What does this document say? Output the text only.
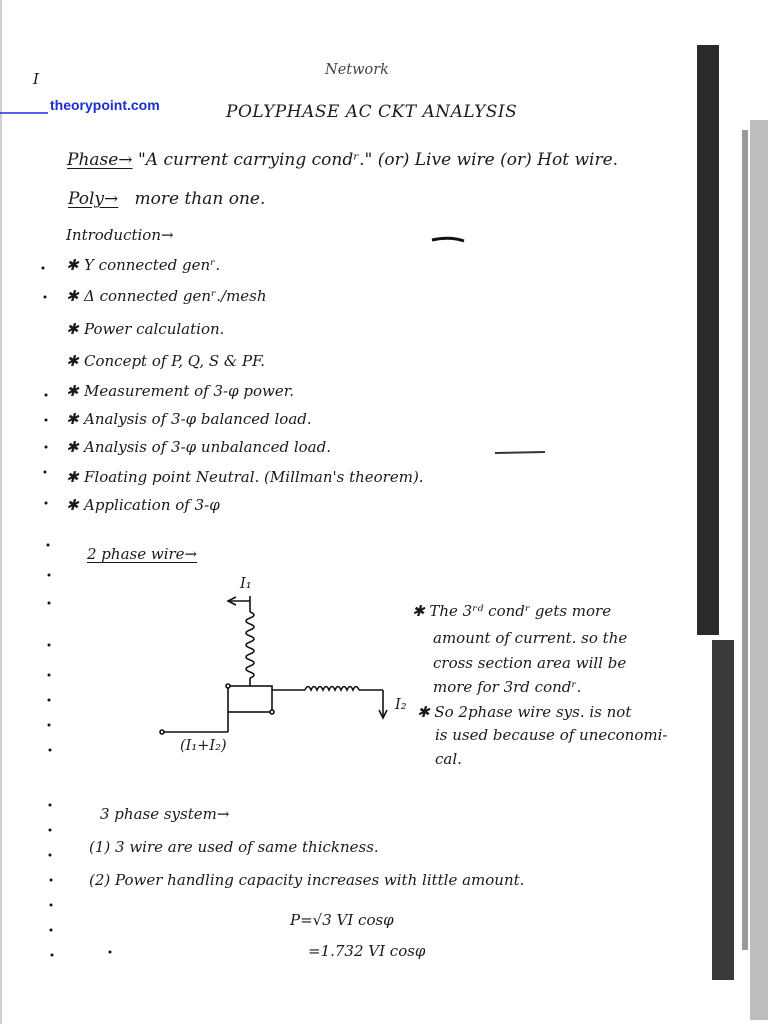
I	Network
theorypoint.com	POLYPHASE AC CKT ANALYSIS
Phase→ "A current carrying condʳ." (or) Live wire (or) Hot wire.
Poly→ more than one.
Introduction→
✱ Y connected genʳ.
✱ Δ connected genʳ./mesh
✱ Power calculation.
✱ Concept of P, Q, S & PF.
✱ Measurement of 3-φ power.
✱ Analysis of 3-φ balanced load.
✱ Analysis of 3-φ unbalanced load.
✱ Floating point Neutral. (Millman's theorem).
✱ Application of 3-φ
2 phase wire→
I₁
I₂
(I₁+I₂)
✱ The 3ʳᵈ condʳ gets more
amount of current. so the
cross section area will be
more for 3rd condʳ.
✱ So 2phase wire sys. is not
is used because of uneconomi-
cal.
3 phase system→
(1) 3 wire are used of same thickness.
(2) Power handling capacity increases with little amount.
P=√3 VI cosφ
=1.732 VI cosφ
